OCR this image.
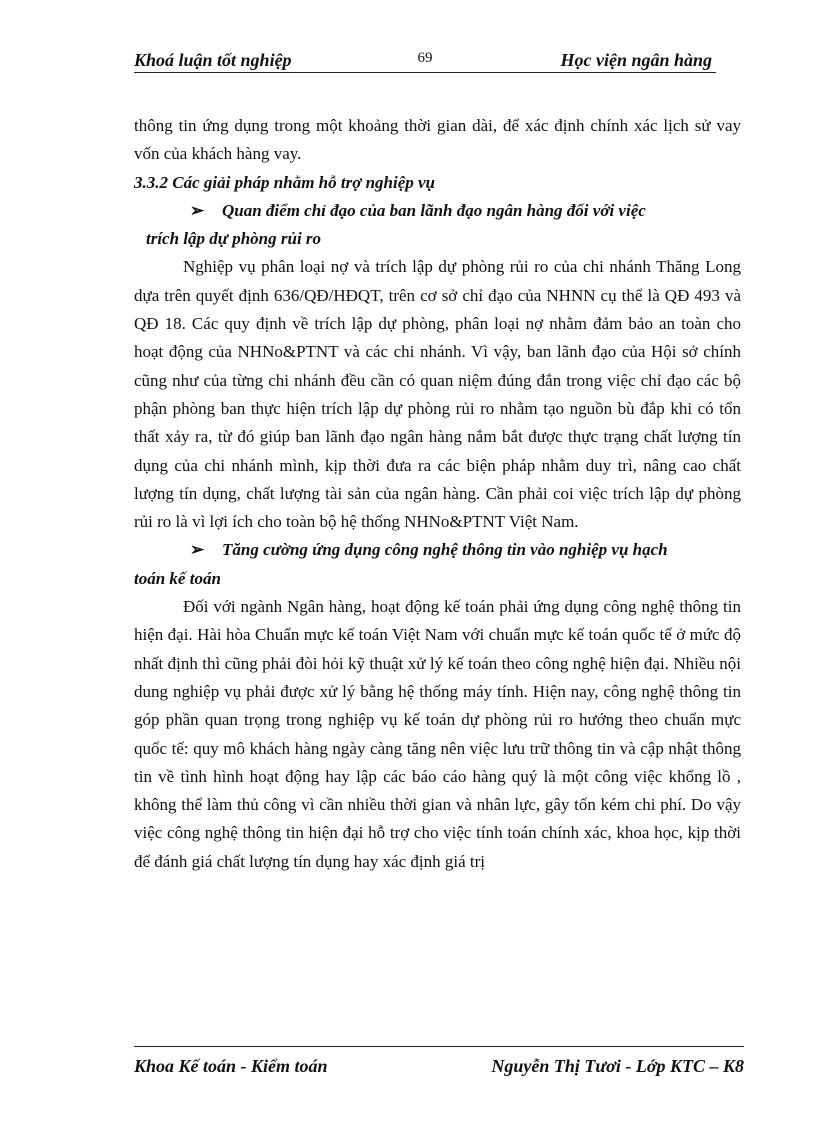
Khoá luận tốt nghiệp	69	Học viện ngân hàng

thông tin ứng dụng trong một khoảng thời gian dài, để xác định chính xác lịch sử vay vốn của khách hàng vay.

3.3.2 Các giải pháp nhằm hỗ trợ nghiệp vụ

➢ Quan điểm chỉ đạo của ban lãnh đạo ngân hàng đối với việc
trích lập dự phòng rủi ro

Nghiệp vụ phân loại nợ và trích lập dự phòng rủi ro của chi nhánh Thăng Long dựa trên quyết định 636/QĐ/HĐQT, trên cơ sở chỉ đạo của NHNN cụ thể là QĐ 493 và QĐ 18. Các quy định về trích lập dự phòng, phân loại nợ nhằm đảm bảo an toàn cho hoạt động của NHNo&PTNT và các chi nhánh. Vì vậy, ban lãnh đạo của Hội sở chính cũng như của từng chi nhánh đều cần có quan niệm đúng đắn trong việc chỉ đạo các bộ phận phòng ban thực hiện trích lập dự phòng rủi ro nhằm tạo nguồn bù đắp khi có tổn thất xảy ra, từ đó giúp ban lãnh đạo ngân hàng nắm bắt được thực trạng chất lượng tín dụng của chi nhánh mình, kịp thời đưa ra các biện pháp nhằm duy trì, nâng cao chất lượng tín dụng, chất lượng tài sản của ngân hàng. Cần phải coi việc trích lập dự phòng rủi ro là vì lợi ích cho toàn bộ hệ thống NHNo&PTNT Việt Nam.

➢ Tăng cường ứng dụng công nghệ thông tin vào nghiệp vụ hạch
toán kế toán

Đối với ngành Ngân hàng, hoạt động kế toán phải ứng dụng công nghệ thông tin hiện đại. Hài hòa Chuẩn mực kế toán Việt Nam với chuẩn mực kế toán quốc tế ở mức độ nhất định thì cũng phải đòi hỏi kỹ thuật xử lý kế toán theo công nghệ hiện đại. Nhiều nội dung nghiệp vụ phải được xử lý bằng hệ thống máy tính. Hiện nay, công nghệ thông tin góp phần quan trọng trong nghiệp vụ kế toán dự phòng rủi ro hướng theo chuẩn mực quốc tế: quy mô khách hàng ngày càng tăng nên việc lưu trữ thông tin và cập nhật thông tin về tình hình hoạt động hay lập các báo cáo hàng quý là một công việc khổng lồ , không thể làm thủ công vì cần nhiều thời gian và nhân lực, gây tốn kém chi phí. Do vậy việc công nghệ thông tin hiện đại hỗ trợ cho việc tính toán chính xác, khoa học, kịp thời để đánh giá chất lượng tín dụng hay xác định giá trị

Khoa Kế toán - Kiểm toán	Nguyễn Thị Tươi - Lớp KTC – K8
